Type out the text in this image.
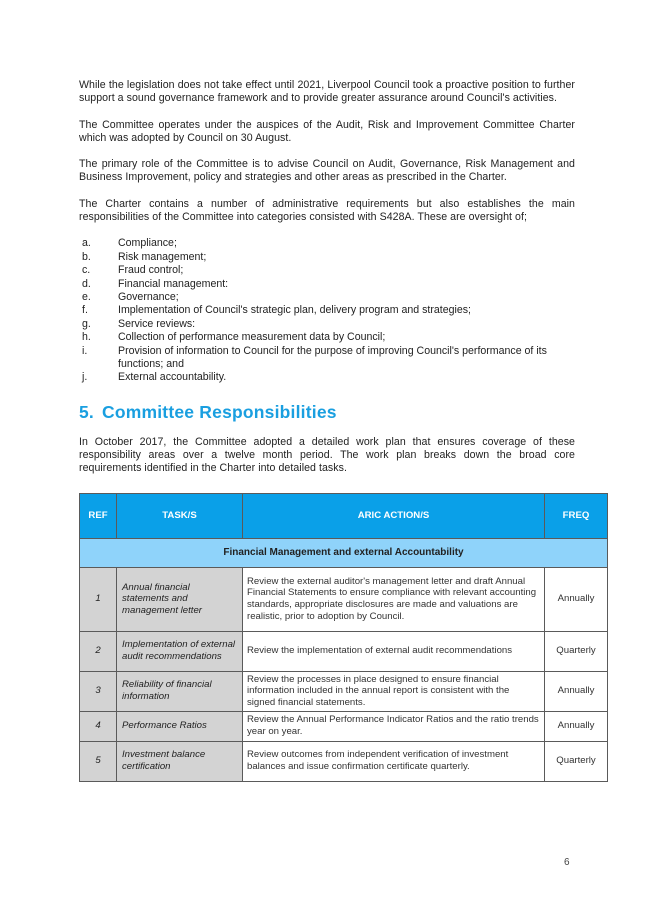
While the legislation does not take effect until 2021, Liverpool Council took a proactive position to further support a sound governance framework and to provide greater assurance around Council's activities.

The Committee operates under the auspices of the Audit, Risk and Improvement Committee Charter which was adopted by Council on 30 August.

The primary role of the Committee is to advise Council on Audit, Governance, Risk Management and Business Improvement, policy and strategies and other areas as prescribed in the Charter.

The Charter contains a number of administrative requirements but also establishes the main responsibilities of the Committee into categories consisted with S428A. These are oversight of;

a.	Compliance;
b.	Risk management;
c.	Fraud control;
d.	Financial management:
e.	Governance;
f.	Implementation of Council's strategic plan, delivery program and strategies;
g.	Service reviews:
h.	Collection of performance measurement data by Council;
i.	Provision of information to Council for the purpose of improving Council's performance of its functions; and
j.	External accountability.
5. Committee Responsibilities

In October 2017, the Committee adopted a detailed work plan that ensures coverage of these responsibility areas over a twelve month period. The work plan breaks down the broad core requirements identified in the Charter into detailed tasks.

REF	TASK/S	ARIC ACTION/S	FREQ
Financial Management and external Accountability			
1	Annual financial statements and management letter	Review the external auditor's management letter and draft Annual Financial Statements to ensure compliance with relevant accounting standards, appropriate disclosures are made and valuations are realistic, prior to adoption by Council.	Annually
2	Implementation of external audit recommendations	Review the implementation of external audit recommendations	Quarterly
3	Reliability of financial information	Review the processes in place designed to ensure financial information included in the annual report is consistent with the signed financial statements.	Annually
4	Performance Ratios	Review the Annual Performance Indicator Ratios and the ratio trends year on year.	Annually
5	Investment balance certification	Review outcomes from independent verification of investment balances and issue confirmation certificate quarterly.	Quarterly
6
